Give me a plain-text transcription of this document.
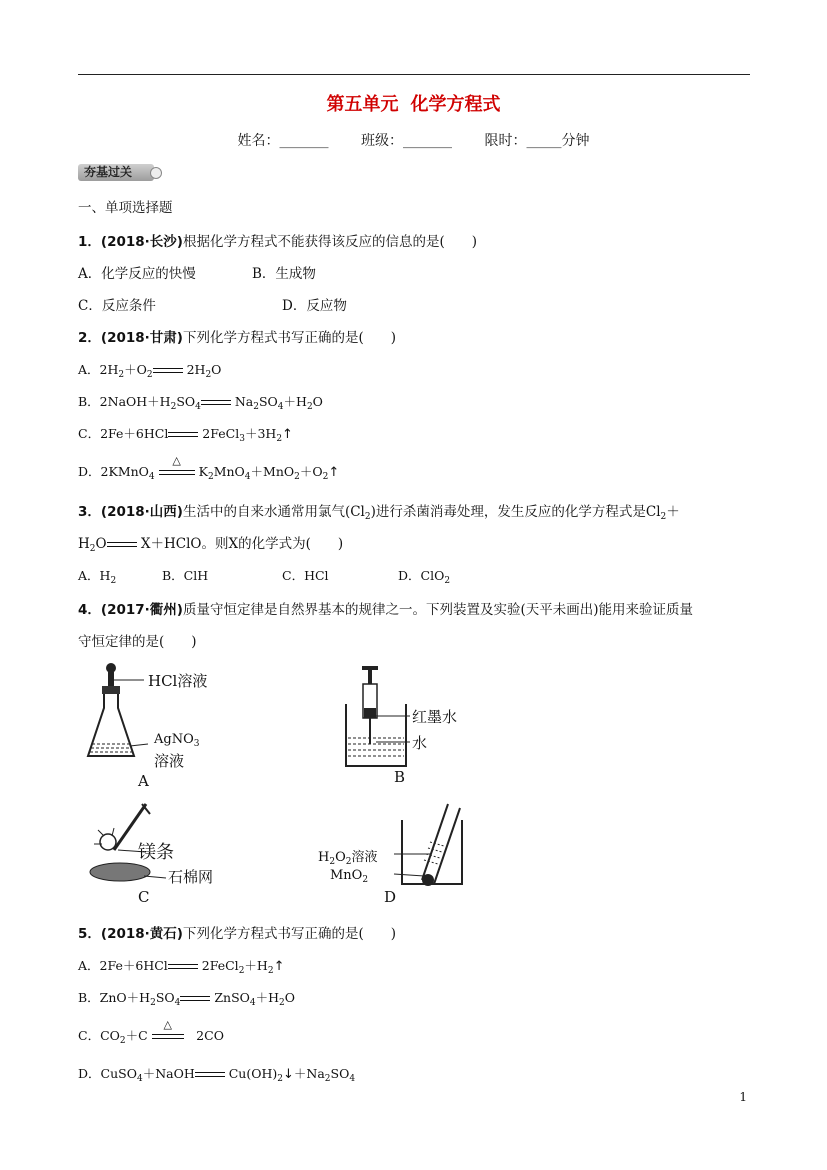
第五单元 化学方程式
姓名：_______ 班级：_______ 限时：_____分钟
夯基过关
一、单项选择题
1．(2018·长沙)根据化学方程式不能获得该反应的信息的是(　　)
A．化学反应的快慢	B．生成物
C．反应条件	D．反应物
2．(2018·甘肃)下列化学方程式书写正确的是(　　)
A．$2H_2+O_2$ $2H_2O$
B．$2NaOH+H_2SO_4$ $Na_2SO_4+H_2O$
C．2Fe＋6HCl $2FeCl_3+3H_2↑$
D．2KMnO$_4$
△
$K_2MnO_4+MnO_2+O_2↑$
3．(2018·山西)生活中的自来水通常用氯气$(Cl_2)$进行杀菌消毒处理，发生反应的化学方程式是$Cl_2+$
$H_2O$	X＋HClO。则X的化学式为(　　)
A．$H_2$	B．ClH	C．HCl	D．ClO$_2$
4．(2017·衢州)质量守恒定律是自然界基本的规律之一。下列装置及实验(天平未画出)能用来验证质量
守恒定律的是(　　)
HCl溶液
AgNO$_3$
溶液
A
红墨水
水
B
镁条
石棉网
C
$H_2O_2$溶液
MnO$_2$
D
5．(2018·黄石)下列化学方程式书写正确的是(　　)
A．2Fe＋6HCl $2FeCl_2+H_2↑$
B．$ZnO+H_2SO_4$ $ZnSO_4+H_2O$
C．$CO_2+C$
△
　2CO
D．CuSO$_4$＋NaOH $Cu(OH)_2↓+Na_2SO_4$
1
